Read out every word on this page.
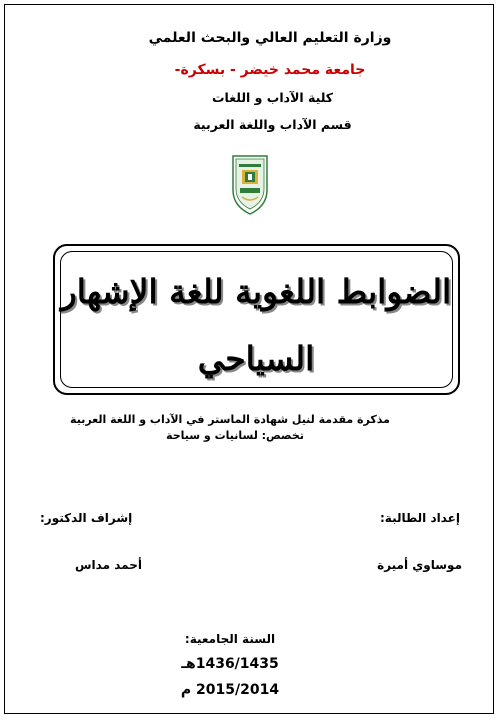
وزارة التعليم العالي والبحث العلمي
جامعة محمد خيضر - بسكرة-
كلية الآداب و اللغات
قسم الآداب واللغة العربية
الضوابط اللغوية للغة الإشهار
السياحي
مذكرة مقدمة لنيل شهادة الماستر في الآداب و اللغة العربية
تخصص: لسانيات و سياحة
إعداد الطالبة:
إشراف الدكتور:
موساوي أميرة
أحمد مداس
السنة الجامعية:
1436/1435هـ
2015/2014 م
